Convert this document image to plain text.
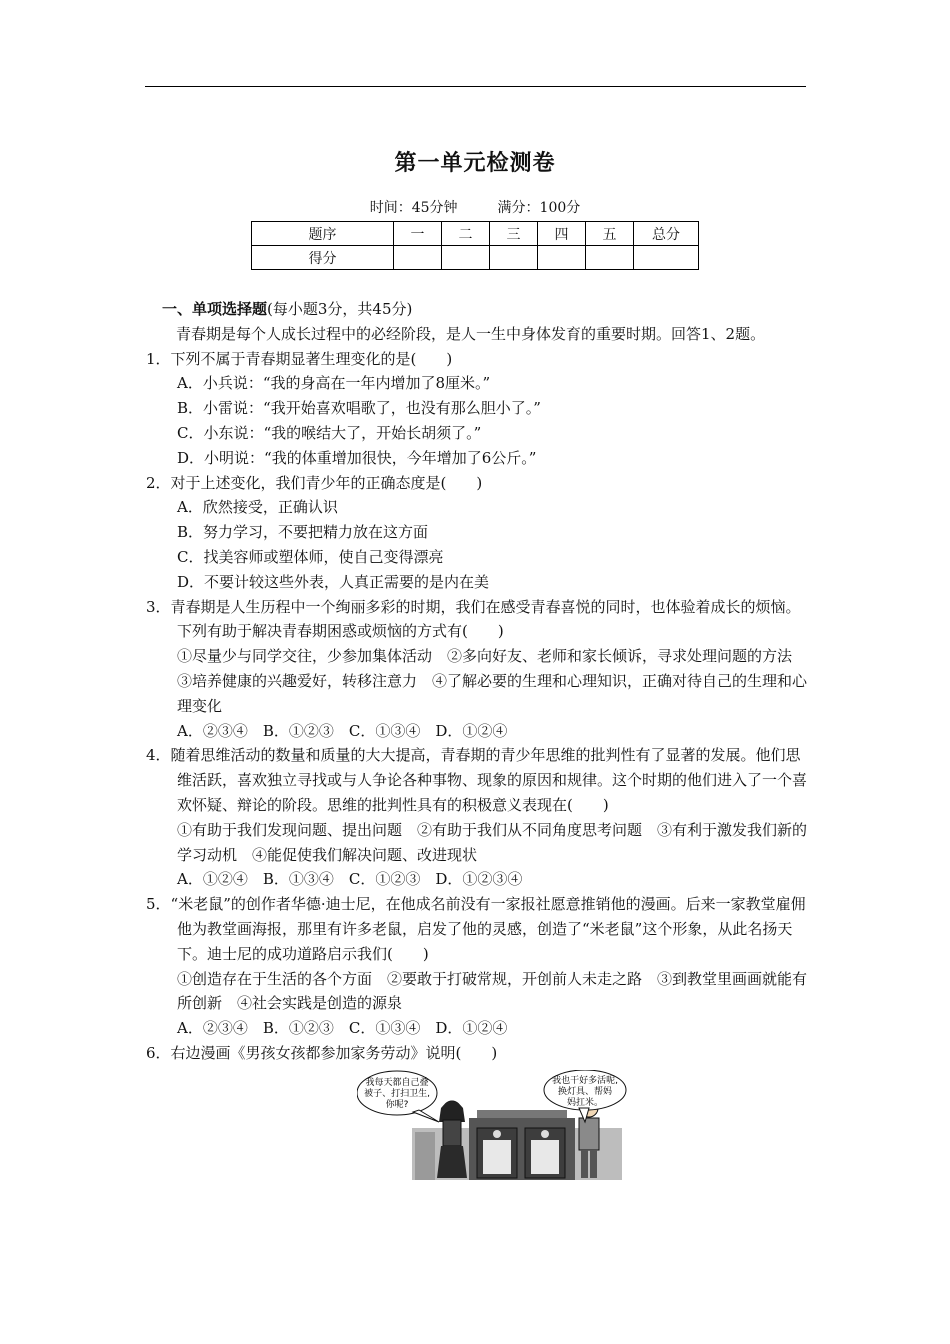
第一单元检测卷
时间：45分钟	满分：100分
题序	一	二	三	四	五	总分
得分						

一、单项选择题(每小题3分，共45分)

青春期是每个人成长过程中的必经阶段，是人一生中身体发育的重要时期。回答1、2题。

1．下列不属于青春期显著生理变化的是(　　)

A．小兵说：“我的身高在一年内增加了8厘米。”

B．小雷说：“我开始喜欢唱歌了，也没有那么胆小了。”

C．小东说：“我的喉结大了，开始长胡须了。”

D．小明说：“我的体重增加很快，今年增加了6公斤。”

2．对于上述变化，我们青少年的正确态度是(　　)

A．欣然接受，正确认识

B．努力学习，不要把精力放在这方面

C．找美容师或塑体师，使自己变得漂亮

D．不要计较这些外表，人真正需要的是内在美

3．青春期是人生历程中一个绚丽多彩的时期，我们在感受青春喜悦的同时，也体验着成长的烦恼。下列有助于解决青春期困惑或烦恼的方式有(　　)

①尽量少与同学交往，少参加集体活动　②多向好友、老师和家长倾诉，寻求处理问题的方法　③培养健康的兴趣爱好，转移注意力　④了解必要的生理和心理知识，正确对待自己的生理和心理变化

A．②③④　B．①②③　C．①③④　D．①②④

4．随着思维活动的数量和质量的大大提高，青春期的青少年思维的批判性有了显著的发展。他们思维活跃，喜欢独立寻找或与人争论各种事物、现象的原因和规律。这个时期的他们进入了一个喜欢怀疑、辩论的阶段。思维的批判性具有的积极意义表现在(　　)

①有助于我们发现问题、提出问题　②有助于我们从不同角度思考问题　③有利于激发我们新的学习动机　④能促使我们解决问题、改进现状

A．①②④　B．①③④　C．①②③　D．①②③④

5．“米老鼠”的创作者华德·迪士尼，在他成名前没有一家报社愿意推销他的漫画。后来一家教堂雇佣他为教堂画海报，那里有许多老鼠，启发了他的灵感，创造了“米老鼠”这个形象，从此名扬天下。迪士尼的成功道路启示我们(　　)

①创造存在于生活的各个方面　②要敢于打破常规，开创前人未走之路　③到教堂里画画就能有所创新　④社会实践是创造的源泉

A．②③④　B．①②③　C．①③④　D．①②④

6．右边漫画《男孩女孩都参加家务劳动》说明(　　)

我每天都自己叠
被子、打扫卫生,
你呢?
我也干好多活呢,
换灯具、帮妈
妈扛米。
